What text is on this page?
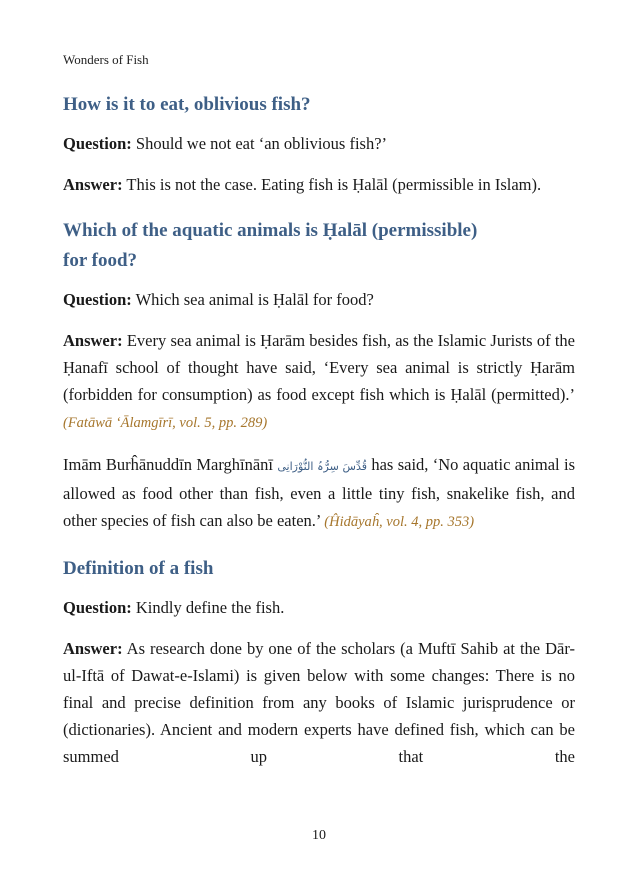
Wonders of Fish
How is it to eat, oblivious fish?

Question: Should we not eat ‘an oblivious fish?’

Answer: This is not the case. Eating fish is Ḥalāl (permissible in Islam).

Which of the aquatic animals is Ḥalāl (permissible)
for food?

Question: Which sea animal is Ḥalāl for food?

Answer: Every sea animal is Ḥarām besides fish, as the Islamic Jurists of the Ḥanafī school of thought have said, ‘Every sea animal is strictly Ḥarām (forbidden for consumption) as food except fish which is Ḥalāl (permitted).’ (Fatāwā ‘Ālamgīrī, vol. 5, pp. 289)

Imām Burĥānuddīn Marghīnānī قُدِّسَ سِرُّہُ النُّوْرَانِی has said, ‘No aquatic animal is allowed as food other than fish, even a little tiny fish, snakelike fish, and other species of fish can also be eaten.’ (Ĥidāyaĥ, vol. 4, pp. 353)

Definition of a fish

Question: Kindly define the fish.

Answer: As research done by one of the scholars (a Muftī Sahib at the Dār-ul-Iftā of Dawat-e-Islami) is given below with some changes: There is no final and precise definition from any books of Islamic jurisprudence or (dictionaries). Ancient and modern experts have defined fish, which can be summed up that the

10
